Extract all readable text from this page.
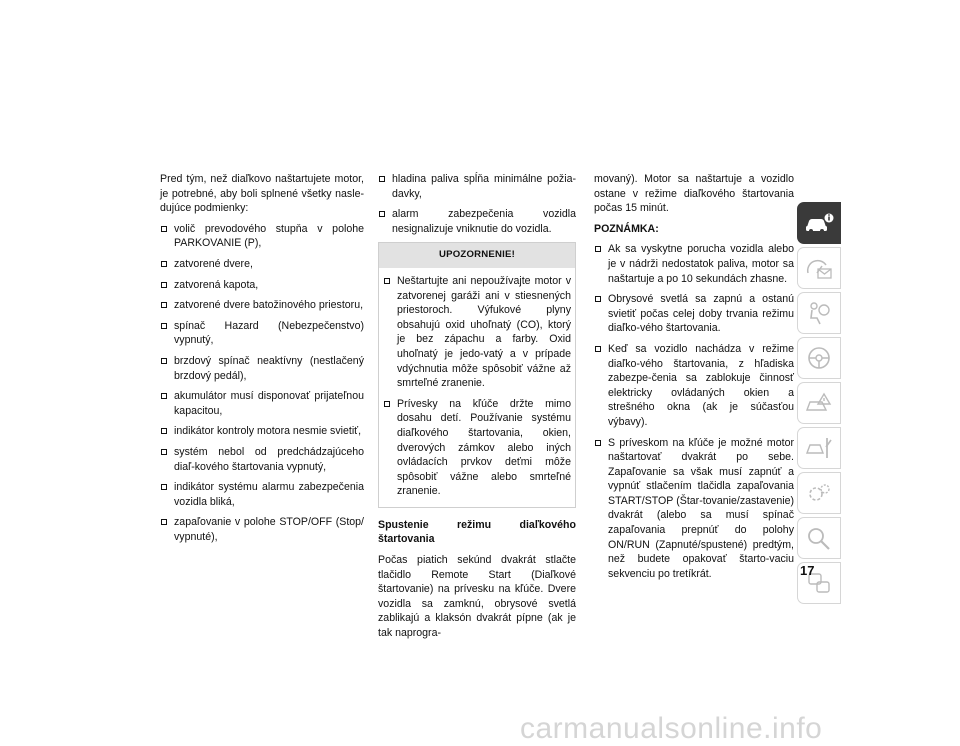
Pred tým, než diaľkovo naštartujete motor, je potrebné, aby boli splnené všetky nasle-dujúce podmienky:

volič prevodového stupňa v polohe PARKOVANIE (P),
zatvorené dvere,
zatvorená kapota,
zatvorené dvere batožinového priestoru,
spínač Hazard (Nebezpečenstvo) vypnutý,
brzdový spínač neaktívny (nestlačený brzdový pedál),
akumulátor musí disponovať prijateľnou kapacitou,
indikátor kontroly motora nesmie svietiť,
systém nebol od predchádzajúceho diaľ-kového štartovania vypnutý,
indikátor systému alarmu zabezpečenia vozidla bliká,
zapaľovanie v polohe STOP/OFF (Stop/ vypnuté),
hladina paliva spĺňa minimálne požia-davky,
alarm zabezpečenia vozidla nesignalizuje vniknutie do vozidla.
UPOZORNENIE!
Neštartujte ani nepoužívajte motor v zatvorenej garáži ani v stiesnených priestoroch. Výfukové plyny obsahujú oxid uhoľnatý (CO), ktorý je bez zápachu a farby. Oxid uhoľnatý je jedo-vatý a v prípade vdýchnutia môže spôsobiť vážne až smrteľné zranenie.
Prívesky na kľúče držte mimo dosahu detí. Používanie systému diaľkového štartovania, okien, dverových zámkov alebo iných ovládacích prvkov deťmi môže spôsobiť vážne alebo smrteľné zranenie.
Spustenie režimu diaľkového štartovania

Počas piatich sekúnd dvakrát stlačte tlačidlo Remote Start (Diaľkové štartovanie) na prívesku na kľúče. Dvere vozidla sa zamknú, obrysové svetlá zablikajú a klaksón dvakrát pípne (ak je tak naprogra-

movaný). Motor sa naštartuje a vozidlo ostane v režime diaľkového štartovania počas 15 minút.

POZNÁMKA:
Ak sa vyskytne porucha vozidla alebo je v nádrži nedostatok paliva, motor sa naštartuje a po 10 sekundách zhasne.
Obrysové svetlá sa zapnú a ostanú svietiť počas celej doby trvania režimu diaľko-vého štartovania.
Keď sa vozidlo nachádza v režime diaľko-vého štartovania, z hľadiska zabezpe-čenia sa zablokuje činnosť elektricky ovládaných okien a strešného okna (ak je súčasťou výbavy).
S príveskom na kľúče je možné motor naštartovať dvakrát po sebe. Zapaľovanie sa však musí zapnúť a vypnúť stlačením tlačidla zapaľovania START/STOP (Štar-tovanie/zastavenie) dvakrát (alebo sa musí spínač zapaľovania prepnúť do polohy ON/RUN (Zapnuté/spustené) predtým, než budete opakovať štarto-vaciu sekvenciu po tretíkrát.	17
carmanualsonline.info
